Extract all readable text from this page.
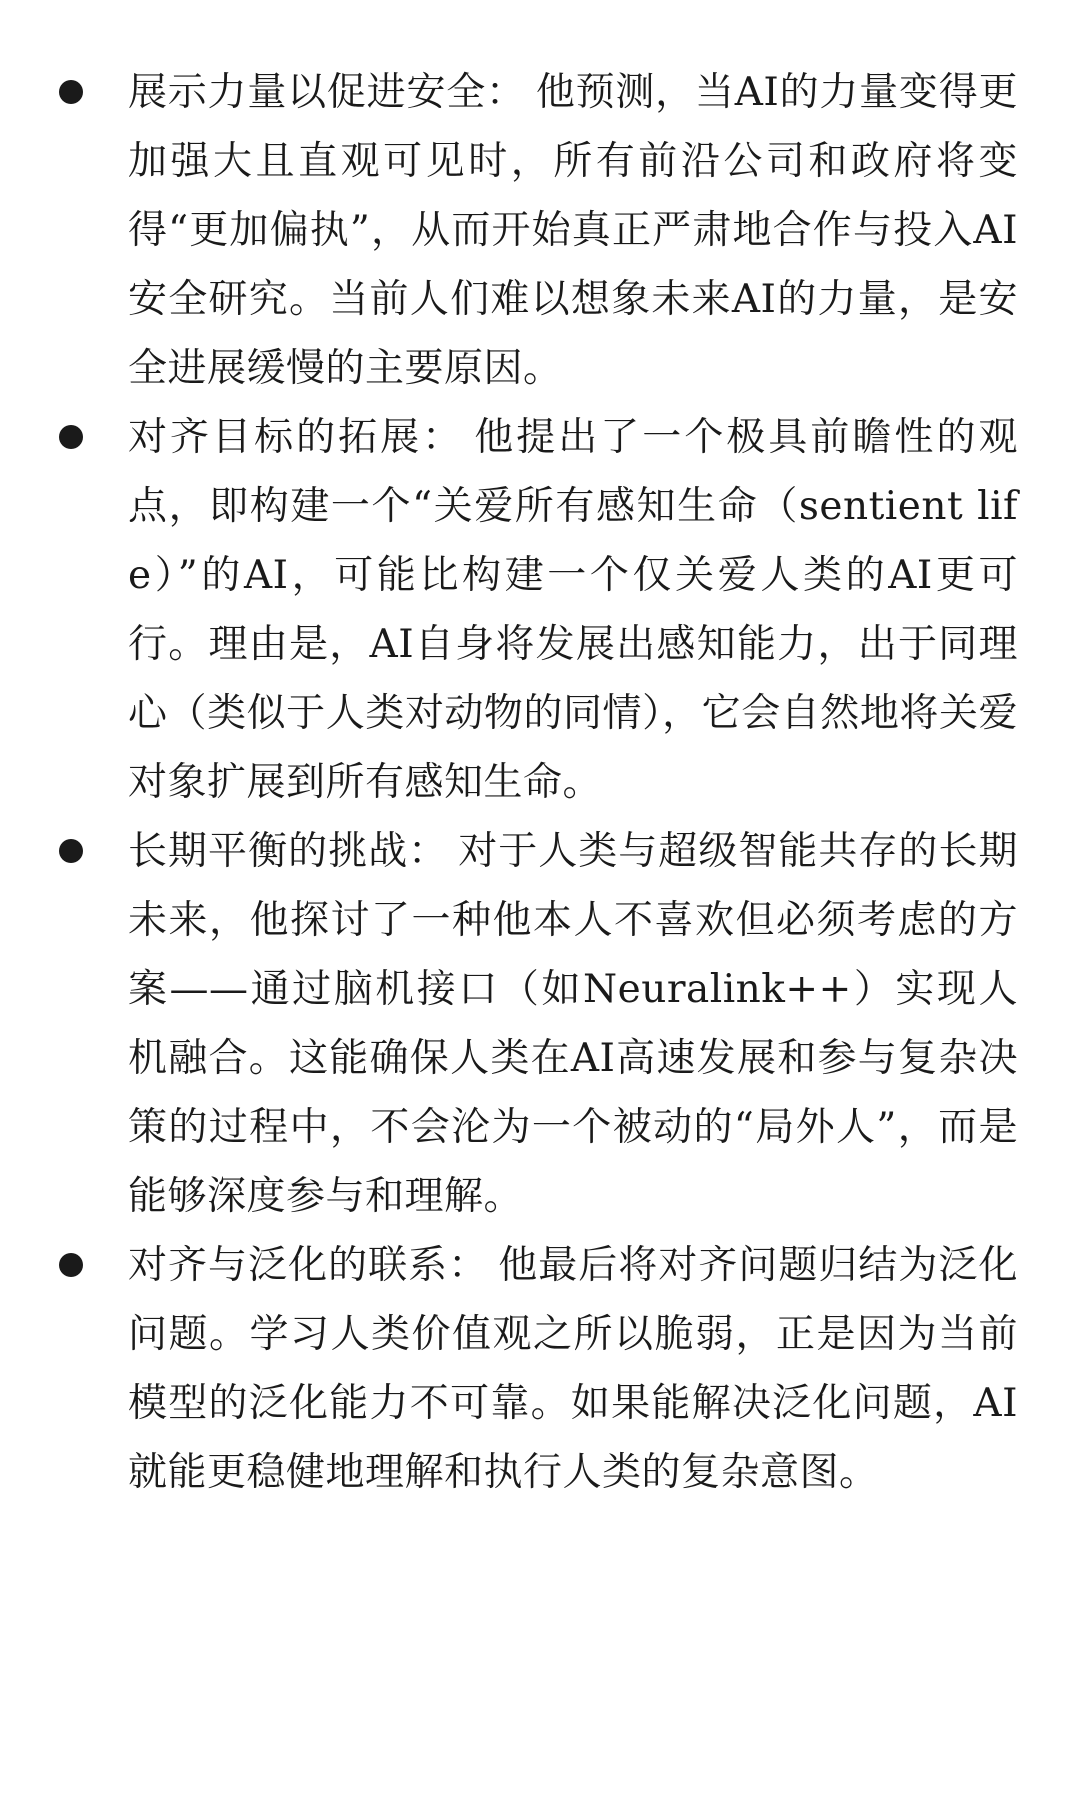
展示力量以促进安全： 他预测，当AI的力量变得更加强大且直观可见时，所有前沿公司和政府将变得“更加偏执”，从而开始真正严肃地合作与投入AI安全研究。当前人们难以想象未来AI的力量，是安全进展缓慢的主要原因。
对齐目标的拓展： 他提出了一个极具前瞻性的观点，即构建一个“关爱所有感知生命（sentient life）”的AI，可能比构建一个仅关爱人类的AI更可行。理由是，AI自身将发展出感知能力，出于同理心（类似于人类对动物的同情），它会自然地将关爱对象扩展到所有感知生命。
长期平衡的挑战： 对于人类与超级智能共存的长期未来，他探讨了一种他本人不喜欢但必须考虑的方案——通过脑机接口（如Neuralink++）实现人机融合。这能确保人类在AI高速发展和参与复杂决策的过程中，不会沦为一个被动的“局外人”，而是能够深度参与和理解。
对齐与泛化的联系： 他最后将对齐问题归结为泛化问题。学习人类价值观之所以脆弱，正是因为当前模型的泛化能力不可靠。如果能解决泛化问题，AI就能更稳健地理解和执行人类的复杂意图。
